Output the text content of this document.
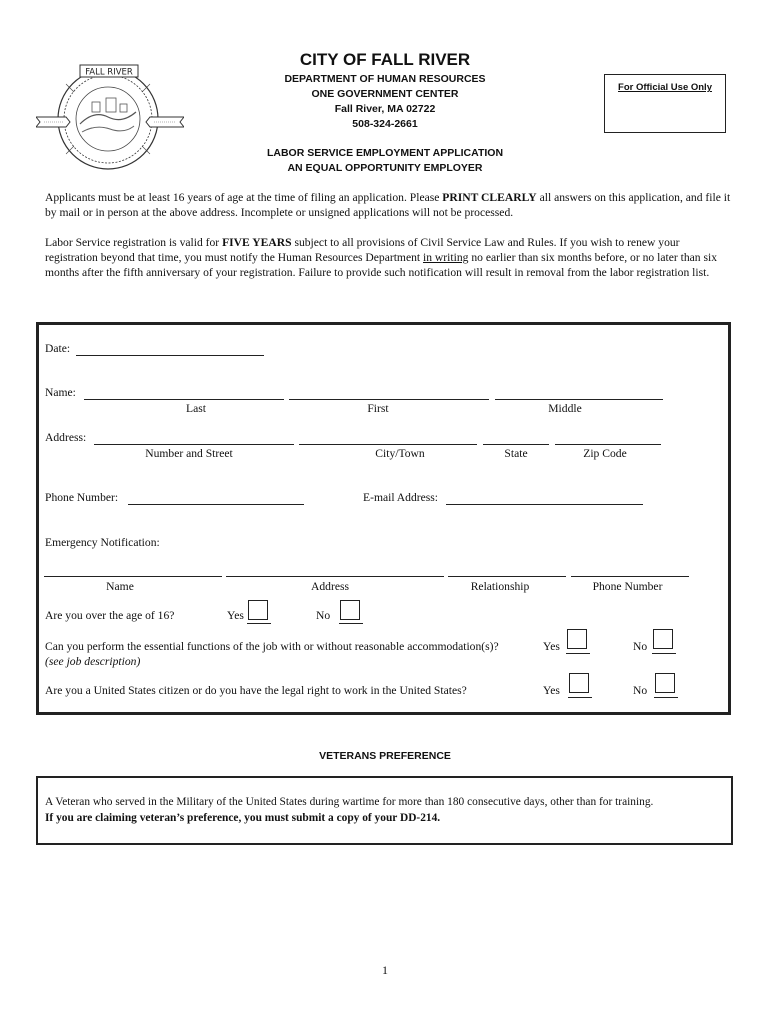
FALL RIVER
CITY OF FALL RIVER
DEPARTMENT OF HUMAN RESOURCES
ONE GOVERNMENT CENTER
Fall River, MA 02722
508-324-2661
LABOR SERVICE EMPLOYMENT APPLICATION
AN EQUAL OPPORTUNITY EMPLOYER
For Official Use Only
Applicants must be at least 16 years of age at the time of filing an application. Please PRINT CLEARLY all answers on this application, and file it by mail or in person at the above address. Incomplete or unsigned applications will not be processed.
Labor Service registration is valid for FIVE YEARS subject to all provisions of Civil Service Law and Rules. If you wish to renew your registration beyond that time, you must notify the Human Resources Department in writing no earlier than six months before, or no later than six months after the fifth anniversary of your registration. Failure to provide such notification will result in removal from the labor registration list.
Date:
Name:
Last	First	Middle
Address:
Number and Street	City/Town	State	Zip Code
Phone Number:	E-mail Address:
Emergency Notification:
Name	Address	Relationship	Phone Number
Are you over the age of 16?	Yes	No
Can you perform the essential functions of the job with or without reasonable accommodation(s)?
(see job description)
Yes	No
Are you a United States citizen or do you have the legal right to work in the United States?	Yes	No
VETERANS PREFERENCE
A Veteran who served in the Military of the United States during wartime for more than 180 consecutive days, other than for training.
If you are claiming veteran’s preference, you must submit a copy of your DD-214.
1
